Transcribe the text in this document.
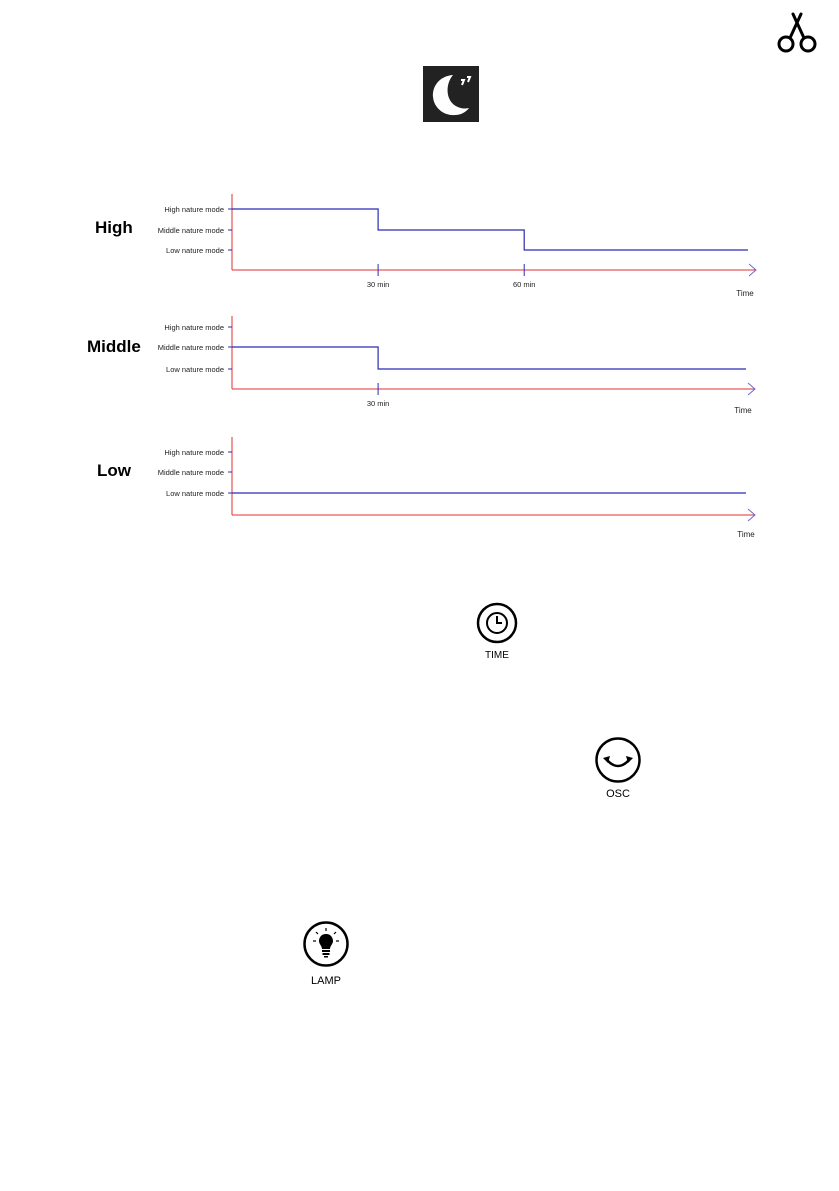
High
High nature mode
Middle nature mode
Low nature mode
30 min	60 min
Time
Middle
High nature mode
Middle nature mode
Low nature mode
30 min
Time
Low
High nature mode
Middle nature mode
Low nature mode
Time
TIME
OSC
LAMP
